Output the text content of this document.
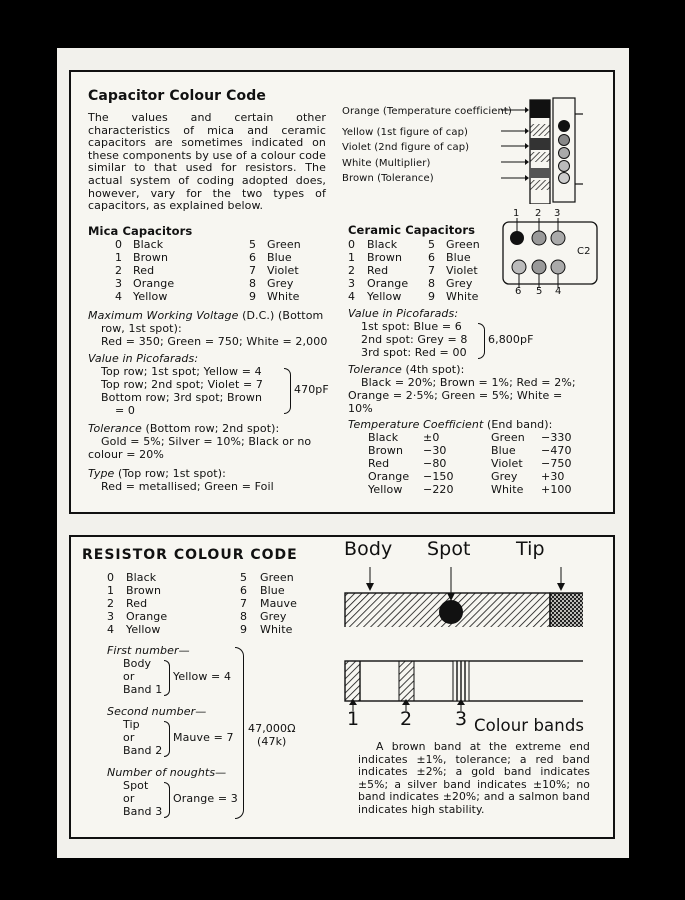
Capacitor Colour Code
The values and certain other characteristics of mica and ceramic capacitors are sometimes indicated on these components by use of a colour code similar to that used for resistors. The actual system of coding adopted does, however, vary for the two types of capacitors, as explained below.
Orange (Temperature coefficient)
Yellow (1st figure of cap)
Violet (2nd figure of cap)
White (Multiplier)
Brown (Tolerance)
Mica Capacitors
0 Black
1 Brown
2 Red
3 Orange
4 Yellow
5 Green
6 Blue
7 Violet
8 Grey
9 White
Maximum Working Voltage (D.C.) (Bottom
row, 1st spot):
Red = 350; Green = 750; White = 2,000
Value in Picofarads:
Top row; 1st spot; Yellow = 4
Top row; 2nd spot; Violet = 7
Bottom row; 3rd spot; Brown
= 0
470pF
Tolerance (Bottom row; 2nd spot):
Gold = 5%; Silver = 10%; Black or no
colour = 20%
Type (Top row; 1st spot):
Red = metallised; Green = Foil
Ceramic Capacitors
0 Black
1 Brown
2 Red
3 Orange
4 Yellow
5 Green
6 Blue
7 Violet
8 Grey
9 White
1 2 3
C2
6 5 4
Value in Picofarads:
1st spot: Blue = 6
2nd spot: Grey = 8
3rd spot: Red = 00
6,800pF
Tolerance (4th spot):
Black = 20%; Brown = 1%; Red = 2%;
Orange = 2·5%; Green = 5%; White =
10%
Temperature Coefficient (End band):
Black ±0
Brown −30
Red	−80
Orange −150
Yellow −220
Green −330
Blue −470
Violet −750
Grey +30
White +100
RESISTOR COLOUR CODE
0 Black
1 Brown
2 Red
3 Orange
4 Yellow
5 Green
6 Blue
7 Mauve
8 Grey
9 White
First number—
Body
or
Band 1
Yellow = 4
Second number—
Tip
or
Band 2
Mauve = 7
Number of noughts—
Spot
or
Band 3
Orange = 3
47,000Ω
(47k)
Body Spot Tip
1 2 3 Colour bands
A brown band at the extreme end indicates ±1%, tolerance; a red band indicates ±2%; a gold band indicates ±5%; a silver band indicates ±10%; no band indicates ±20%; and a salmon band indicates high stability.
